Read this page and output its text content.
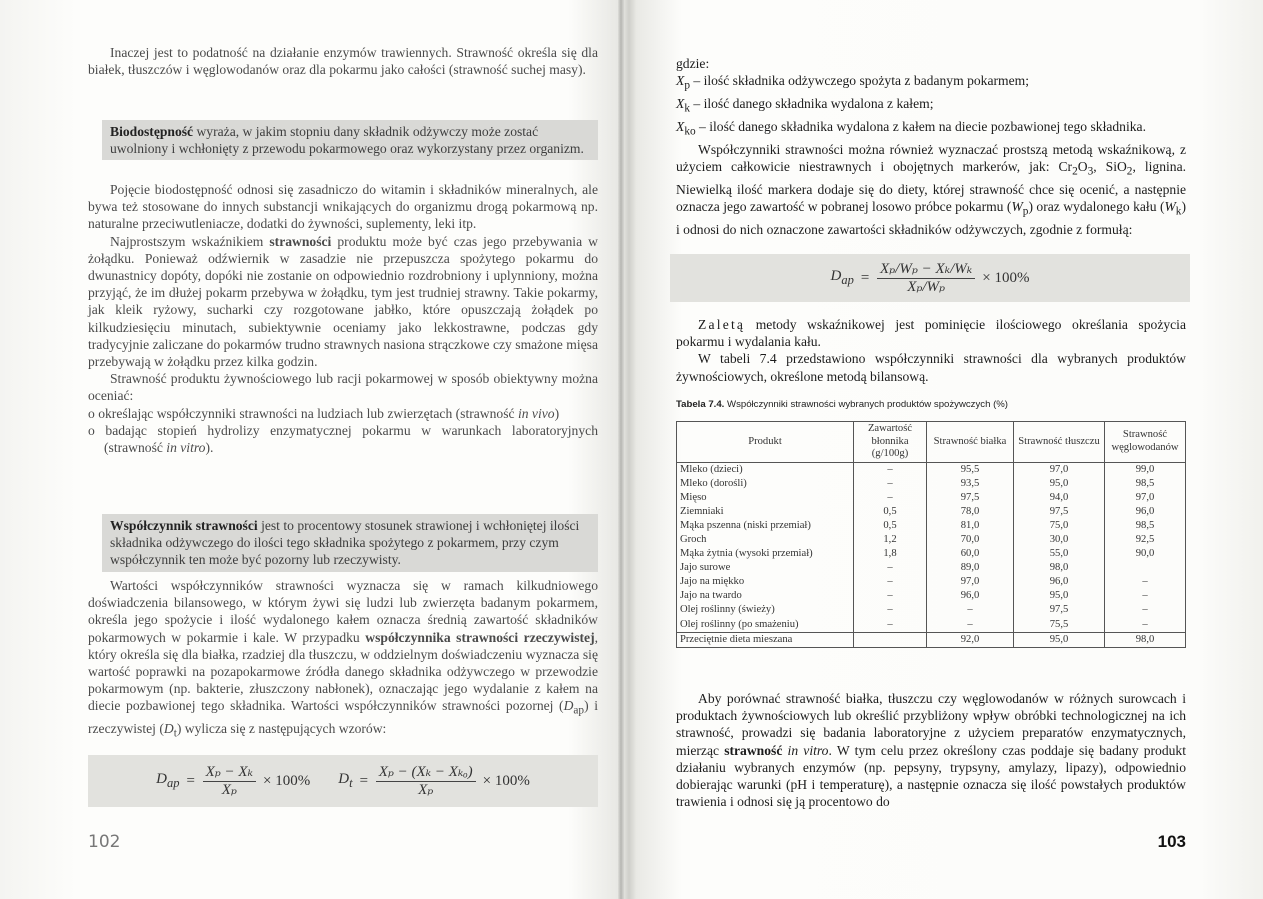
Inaczej jest to podatność na działanie enzymów trawiennych. Strawność określa się dla białek, tłuszczów i węglowodanów oraz dla pokarmu jako całości (strawność suchej masy).

Biodostępność wyraża, w jakim stopniu dany składnik odżywczy może zostać uwolniony i wchłonięty z przewodu pokarmowego oraz wykorzystany przez organizm.

Pojęcie biodostępność odnosi się zasadniczo do witamin i składników mineralnych, ale bywa też stosowane do innych substancji wnikających do organizmu drogą pokarmową np. naturalne przeciwutleniacze, dodatki do żywności, suplementy, leki itp.

Najprostszym wskaźnikiem strawności produktu może być czas jego przebywania w żołądku. Ponieważ odźwiernik w zasadzie nie przepuszcza spożytego pokarmu do dwunastnicy dopóty, dopóki nie zostanie on odpowiednio rozdrobniony i uplynniony, można przyjąć, że im dłużej pokarm przebywa w żołądku, tym jest trudniej strawny. Takie pokarmy, jak kleik ryżowy, sucharki czy rozgotowane jabłko, które opuszczają żołądek po kilkudziesięciu minutach, subiektywnie oceniamy jako lekkostrawne, podczas gdy tradycyjnie zaliczane do pokarmów trudno strawnych nasiona strączkowe czy smażone mięsa przebywają w żołądku przez kilka godzin.

Strawność produktu żywnościowego lub racji pokarmowej w sposób obiektywny można oceniać:

o określając współczynniki strawności na ludziach lub zwierzętach (strawność in vivo)

o badając stopień hydrolizy enzymatycznej pokarmu w warunkach laboratoryjnych (strawność in vitro).

Współczynnik strawności jest to procentowy stosunek strawionej i wchłoniętej ilości składnika odżywczego do ilości tego składnika spożytego z pokarmem, przy czym współczynnik ten może być pozorny lub rzeczywisty.

Wartości współczynników strawności wyznacza się w ramach kilkudniowego doświadczenia bilansowego, w którym żywi się ludzi lub zwierzęta badanym pokarmem, określa jego spożycie i ilość wydalonego kałem oznacza średnią zawartość składników pokarmowych w pokarmie i kale. W przypadku współczynnika strawności rzeczywistej, który określa się dla białka, rzadziej dla tłuszczu, w oddzielnym doświadczeniu wyznacza się wartość poprawki na pozapokarmowe źródła danego składnika odżywczego w przewodzie pokarmowym (np. bakterie, złuszczony nabłonek), oznaczając jego wydalanie z kałem na diecie pozbawionej tego składnika. Wartości współczynników strawności pozornej $(D_{ap})$ i rzeczywistej $(D_t)$ wylicza się z następujących wzorów:

$D_{ap} = \frac{\text{Xₚ − Xₖ}}{\text{Xₚ}} \times 100\%$ $D_t = \frac{\text{Xₚ − (Xₖ − Xₖₒ)}}{\text{Xₚ}} \times 100\%$
102

gdzie:

$X_p$ – ilość składnika odżywczego spożyta z badanym pokarmem;
$X_k$ – ilość danego składnika wydalona z kałem;
$X_{ko}$ – ilość danego składnika wydalona z kałem na diecie pozbawionej tego składnika.

Współczynniki strawności można również wyznaczać prostszą metodą wskaźnikową, z użyciem całkowicie niestrawnych i obojętnych markerów, jak: $Cr_2O_3$, SiO$_2$, lignina. Niewielką ilość markera dodaje się do diety, której strawność chce się ocenić, a następnie oznacza jego zawartość w pobranej losowo próbce pokarmu $(W_p)$ oraz wydalonego kału $(W_k)$ i odnosi do nich oznaczone zawartości składników odżywczych, zgodnie z formułą:

$D_{ap} = \frac{\text{Xₚ/Wₚ − Xₖ/Wₖ}}{\text{Xₚ/Wₚ}} \times 100\%$

Zaletą metody wskaźnikowej jest pominięcie ilościowego określania spożycia pokarmu i wydalania kału.

W tabeli 7.4 przedstawiono współczynniki strawności dla wybranych produktów żywnościowych, określone metodą bilansową.

Tabela 7.4. Współczynniki strawności wybranych produktów spożywczych (%)
Produkt	Zawartość błonnika (g/100g)	Strawność białka	Strawność tłuszczu	Strawność węglowodanów
Mleko (dzieci)	–	95,5	97,0	99,0
Mleko (dorośli)	–	93,5	95,0	98,5
Mięso	–	97,5	94,0	97,0
Ziemniaki	0,5	78,0	97,5	96,0
Mąka pszenna (niski przemiał)	0,5	81,0	75,0	98,5
Groch	1,2	70,0	30,0	92,5
Mąka żytnia (wysoki przemiał)	1,8	60,0	55,0	90,0
Jajo surowe	–	89,0	98,0	
Jajo na miękko	–	97,0	96,0	–
Jajo na twardo	–	96,0	95,0	–
Olej roślinny (świeży)	–	–	97,5	–
Olej roślinny (po smażeniu)	–	–	75,5	–
Przeciętnie dieta mieszana		92,0	95,0	98,0

Aby porównać strawność białka, tłuszczu czy węglowodanów w różnych surowcach i produktach żywnościowych lub określić przybliżony wpływ obróbki technologicznej na ich strawność, prowadzi się badania laboratoryjne z użyciem preparatów enzymatycznych, mierząc strawność in vitro. W tym celu przez określony czas poddaje się badany produkt działaniu wybranych enzymów (np. pepsyny, trypsyny, amylazy, lipazy), odpowiednio dobierając warunki (pH i temperaturę), a następnie oznacza się ilość powstałych produktów trawienia i odnosi się ją procentowo do

103
